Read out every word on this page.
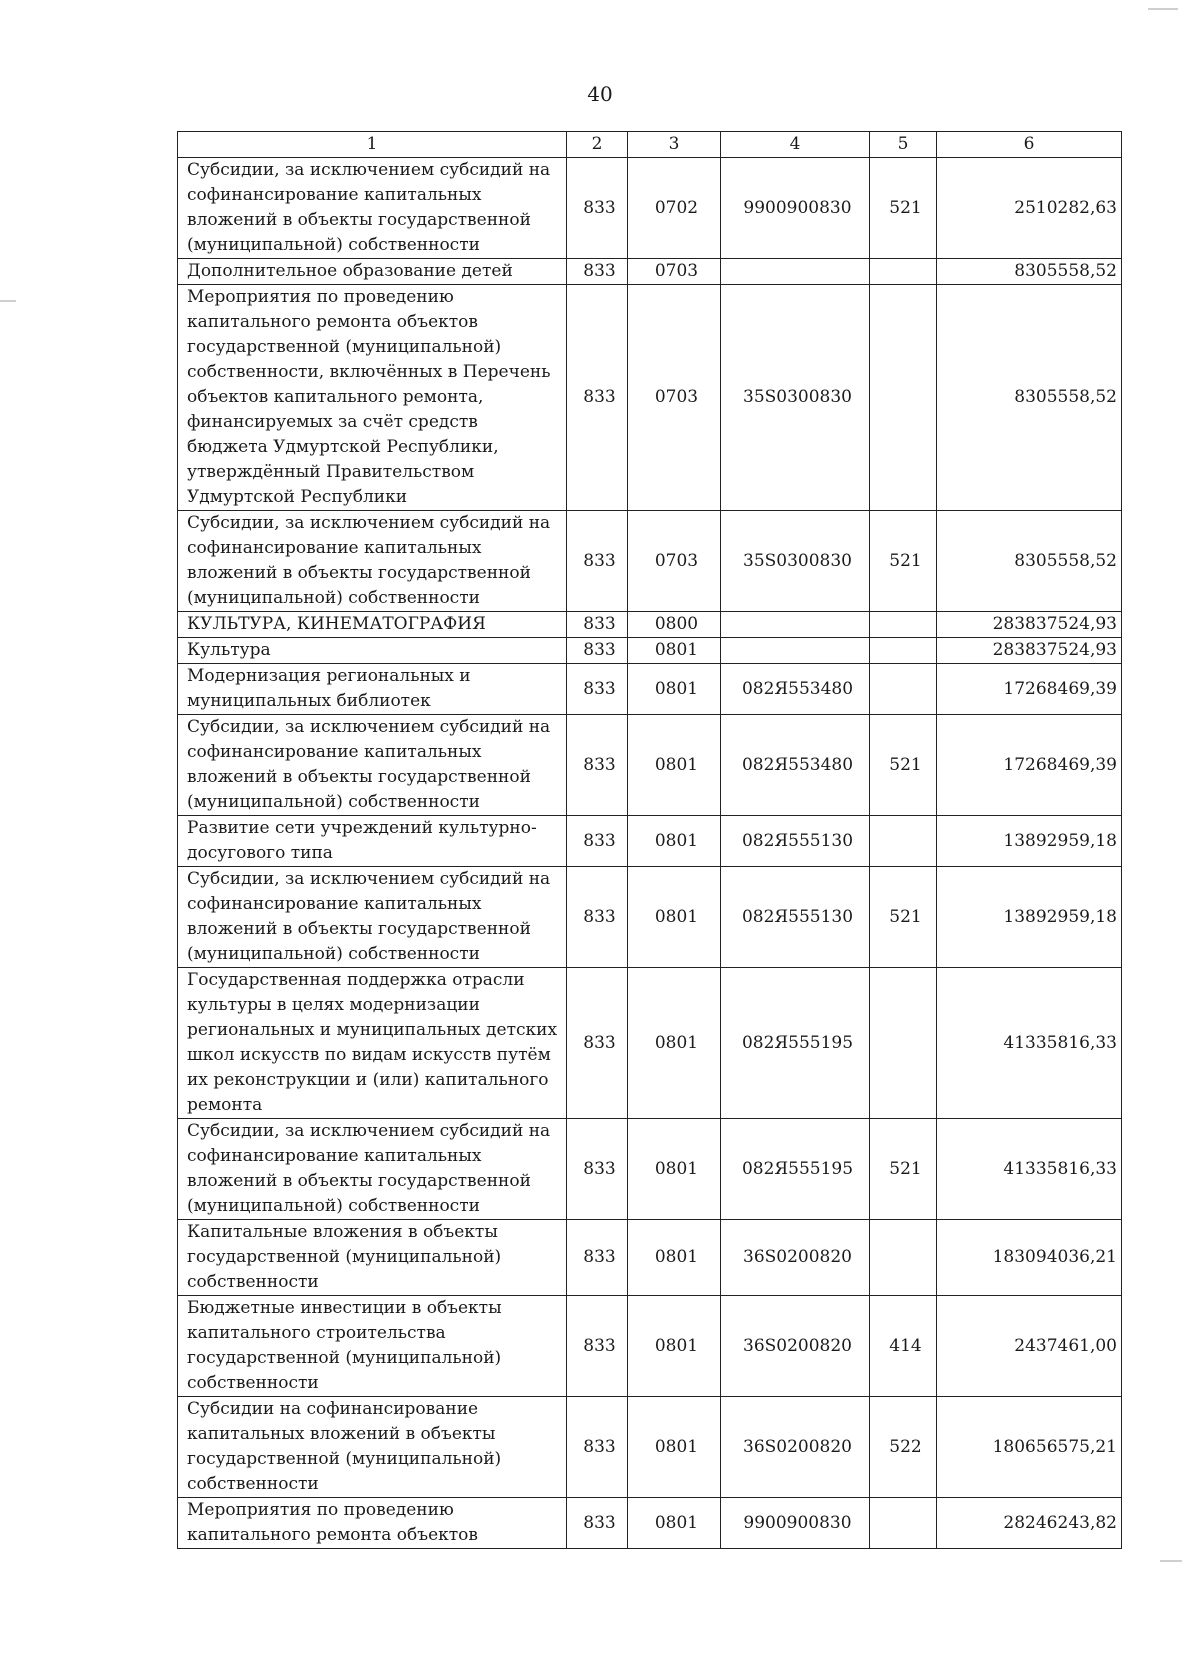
40
1	2	3	4	5	6
Субсидии, за исключением субсидий на софинансирование капитальных вложений в объекты государственной (муниципальной) собственности	833	0702	9900900830	521	2510282,63
Дополнительное образование детей	833	0703			8305558,52
Мероприятия по проведению капитального ремонта объектов государственной (муниципальной) собственности, включённых в Перечень объектов капитального ремонта, финансируемых за счёт средств бюджета Удмуртской Республики, утверждённый Правительством Удмуртской Республики	833	0703	35S0300830		8305558,52
Субсидии, за исключением субсидий на софинансирование капитальных вложений в объекты государственной (муниципальной) собственности	833	0703	35S0300830	521	8305558,52
КУЛЬТУРА, КИНЕМАТОГРАФИЯ	833	0800			283837524,93
Культура	833	0801			283837524,93
Модернизация региональных и муниципальных библиотек	833	0801	082Я553480		17268469,39
Субсидии, за исключением субсидий на софинансирование капитальных вложений в объекты государственной (муниципальной) собственности	833	0801	082Я553480	521	17268469,39
Развитие сети учреждений культурно-досугового типа	833	0801	082Я555130		13892959,18
Субсидии, за исключением субсидий на софинансирование капитальных вложений в объекты государственной (муниципальной) собственности	833	0801	082Я555130	521	13892959,18
Государственная поддержка отрасли культуры в целях модернизации региональных и муниципальных детских школ искусств по видам искусств путём их реконструкции и (или) капитального ремонта	833	0801	082Я555195		41335816,33
Субсидии, за исключением субсидий на софинансирование капитальных вложений в объекты государственной (муниципальной) собственности	833	0801	082Я555195	521	41335816,33
Капитальные вложения в объекты государственной (муниципальной) собственности	833	0801	36S0200820		183094036,21
Бюджетные инвестиции в объекты капитального строительства государственной (муниципальной) собственности	833	0801	36S0200820	414	2437461,00
Субсидии на софинансирование капитальных вложений в объекты государственной (муниципальной) собственности	833	0801	36S0200820	522	180656575,21
Мероприятия по проведению капитального ремонта объектов	833	0801	9900900830		28246243,82
